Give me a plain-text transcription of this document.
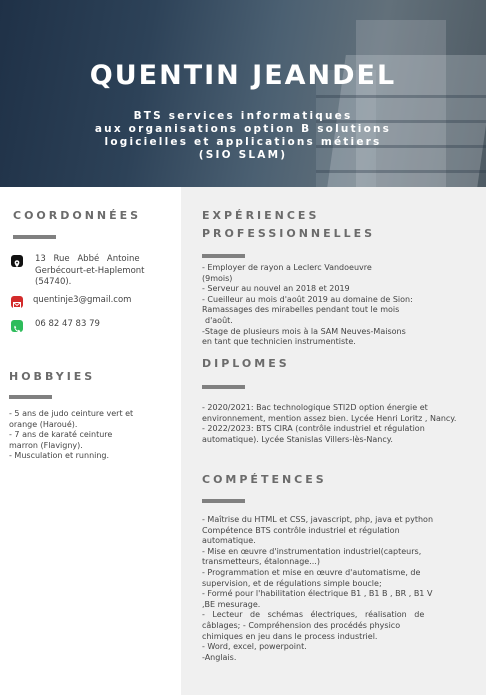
QUENTIN JEANDEL
BTS services informatiques
aux organisations option B solutions
logicielles et applications métiers
(SIO SLAM)
COORDONNÉES
13 Rue Abbé Antoine
Gerbécourt-et-Haplemont
(54740).
quentinje3@gmail.com
06 82 47 83 79
HOBBYIES
- 5 ans de judo ceinture vert et
orange (Haroué).
- 7 ans de karaté ceinture
marron (Flavigny).
- Musculation et running.
EXPÉRIENCES
PROFESSIONNELLES
- Employer de rayon a Leclerc Vandoeuvre
(9mois)
- Serveur au nouvel an 2018 et 2019
- Cueilleur au mois d'août 2019 au domaine de Sion:
Ramassages des mirabelles pendant tout le mois
d'août.
-Stage de plusieurs mois à la SAM Neuves-Maisons
en tant que technicien instrumentiste.
DIPLOMES
- 2020/2021: Bac technologique STI2D option énergie et
environnement, mention assez bien. Lycée Henri Loritz , Nancy.
- 2022/2023: BTS CIRA (contrôle industriel et régulation
automatique). Lycée Stanislas Villers-lès-Nancy.
COMPÉTENCES
- Maîtrise du HTML et CSS, javascript, php, java et python
Compétence BTS contrôle industriel et régulation
automatique.
- Mise en œuvre d'instrumentation industriel(capteurs,
transmetteurs, étalonnage...)
- Programmation et mise en œuvre d'automatisme, de
supervision, et de régulations simple boucle;
- Formé pour l'habilitation électrique B1 , B1 B , BR , B1 V
,BE mesurage.
- Lecteur de schémas électriques, réalisation de
câblages; - Compréhension des procédés physico
chimiques en jeu dans le process industriel.
- Word, excel, powerpoint.
-Anglais.
